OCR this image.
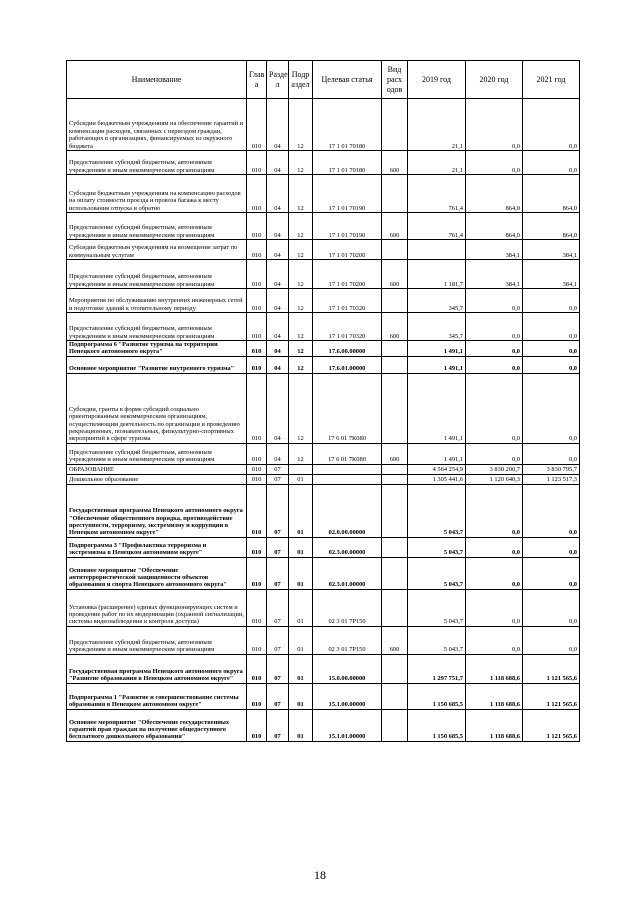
Наименование	Глав а	Разде л	Подр аздел	Целевая статья	Вид расх одов	2019 год	2020 год	2021 год
Субсидии бюджетным учреждениям на обеспечение гарантий и компенсации расходов, связанных с переездом граждан, работающих в организациях, финансируемых из окружного бюджета	010	04	12	17 1 01 70180		21,1	0,0	0,0
Предоставление субсидий бюджетным, автономным учреждениям и иным некоммерческим организациям	010	04	12	17 1 01 70180	600	21,1	0,0	0,0
Субсидии бюджетным учреждениям на компенсацию расходов на оплату стоимости проезда и провоза багажа к месту использования отпуска и обратно	010	04	12	17 1 01 70190		761,4	864,0	864,0
Предоставление субсидий бюджетным, автономным учреждениям и иным некоммерческим организациям	010	04	12	17 1 01 70190	600	761,4	864,0	864,0
Субсидии бюджетным учреждениям на возмещение затрат по коммунальным услугам	010	04	12	17 1 01 70200			384,1	384,1
Предоставление субсидий бюджетным, автономным учреждениям и иным некоммерческим организациям	010	04	12	17 1 01 70200	600	1 181,7	384,1	384,1
Мероприятия по обслуживанию внутренних инженерных сетей и подготовке зданий к отопительному периоду	010	04	12	17 1 01 70320		345,7	0,0	0,0
Предоставление субсидий бюджетным, автономным учреждениям и иным некоммерческим организациям	010	04	12	17 1 01 70320	600	345,7	0,0	0,0
Подпрограмма 6 "Развитие туризма на территории Ненецкого автономного округа"	010	04	12	17.6.00.00000		1 491,1	0,0	0,0
Основное мероприятие "Развитие внутреннего туризма"	010	04	12	17.6.01.00000		1 491,1	0,0	0,0
Субсидии, гранты в форме субсидий социально ориентированным некоммерческим организациям, осуществляющим деятельность по организации и проведению рекреационных, познавательных, физкультурно-спортивных мероприятий в сфере туризма	010	04	12	17 6 01 7К080		1 491,1	0,0	0,0
Предоставление субсидий бюджетным, автономным учреждениям и иным некоммерческим организациям	010	04	12	17 6 01 7К080	600	1 491,1	0,0	0,0
ОБРАЗОВАНИЕ	010	07				4 564 254,9	3 830 200,7	3 830 795,7
Дошкольное образование	010	07	01			1 305 441,6	1 120 640,3	1 123 517,3
Государственная программа Ненецкого автономного округа "Обеспечение общественного порядка, противодействие преступности, терроризму, экстремизму и коррупции в Ненецком автономном округе"	010	07	01	02.0.00.00000		5 043,7	0,0	0,0
Подпрограмма 3 "Профилактика терроризма и экстремизма в Ненецком автономном округе"	010	07	01	02.3.00.00000		5 043,7	0,0	0,0
Основное мероприятие "Обеспечение антитеррористической защищенности объектов образования и спорта Ненецкого автономного округа"	010	07	01	02.3.01.00000		5 043,7	0,0	0,0
Установка (расширение) единых функционирующих систем и проведение работ по их модернизации (охранной сигнализации, системы видеонаблюдения и контроля доступа)	010	07	01	02 3 01 7Р150		5 043,7	0,0	0,0
Предоставление субсидий бюджетным, автономным учреждениям и иным некоммерческим организациям	010	07	01	02 3 01 7Р150	600	5 043,7	0,0	0,0
Государственная программа Ненецкого автономного округа "Развитие образования в Ненецком автономном округе"	010	07	01	15.0.00.00000		1 297 751,7	1 118 688,6	1 121 565,6
Подпрограмма 1 "Развитие и совершенствование системы образования в Ненецком автономном округе"	010	07	01	15.1.00.00000		1 150 685,5	1 118 688,6	1 121 565,6
Основное мероприятие "Обеспечение государственных гарантий прав граждан на получение общедоступного бесплатного дошкольного образования"	010	07	01	15.1.01.00000		1 150 685,5	1 118 688,6	1 121 565,6
18
